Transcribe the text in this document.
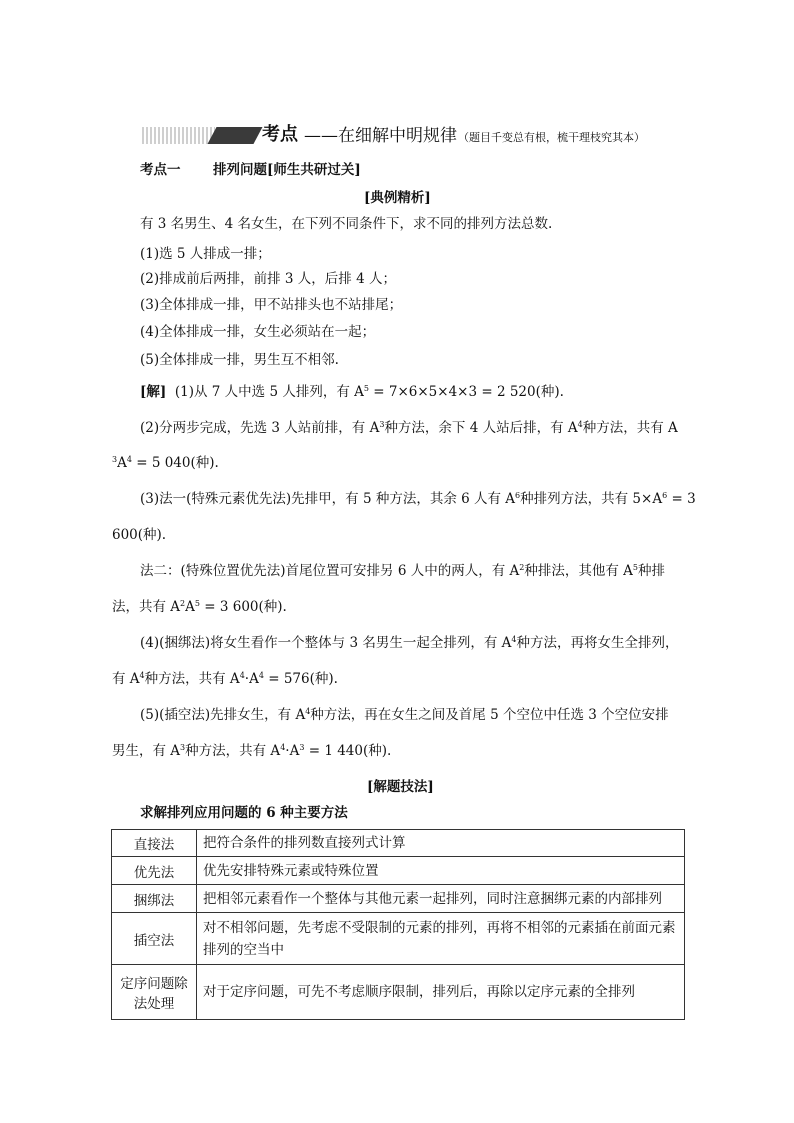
考点 ——在细解中明规律 （题目千变总有根，梳干理枝究其本）
考点一 排列问题[师生共研过关]
[典例精析]
有 3 名男生、4 名女生，在下列不同条件下，求不同的排列方法总数.
(1)选 5 人排成一排；
(2)排成前后两排，前排 3 人，后排 4 人；
(3)全体排成一排，甲不站排头也不站排尾；
(4)全体排成一排，女生必须站在一起；
(5)全体排成一排，男生互不相邻.
[解] (1)从 7 人中选 5 人排列，有 $A^5 = 7\times 6\times 5\times 4\times 3 = 2$ 520(种).
(2)分两步完成，先选 3 人站前排，有 $A^3$种方法，余下 4 人站后排，有 $A^4$种方法，共有 A
$^3A^4 = 5$ 040(种).
(3)法一(特殊元素优先法)先排甲，有 5 种方法，其余 6 人有 $A^6$种排列方法，共有 $5\times A^6 = 3$
600(种).
法二：(特殊位置优先法)首尾位置可安排另 6 人中的两人，有 $A^2$种排法，其他有 $A^5$种排
法，共有 $A^2A^5 = 3$ 600(种).
(4)(捆绑法)将女生看作一个整体与 3 名男生一起全排列，有 $A^4$种方法，再将女生全排列，
有 $A^4$种方法，共有 $A^4\cdot A^4 = 576$(种).
(5)(插空法)先排女生，有 $A^4$种方法，再在女生之间及首尾 5 个空位中任选 3 个空位安排
男生，有 $A^3$种方法，共有 $A^4\cdot A^3 = 1$ 440(种).
[解题技法]
求解排列应用问题的 6 种主要方法
直接法	把符合条件的排列数直接列式计算
优先法	优先安排特殊元素或特殊位置
捆绑法	把相邻元素看作一个整体与其他元素一起排列，同时注意捆绑元素的内部排列
插空法	对不相邻问题，先考虑不受限制的元素的排列，再将不相邻的元素插在前面元素排列的空当中
定序问题除法处理	对于定序问题，可先不考虑顺序限制，排列后，再除以定序元素的全排列
